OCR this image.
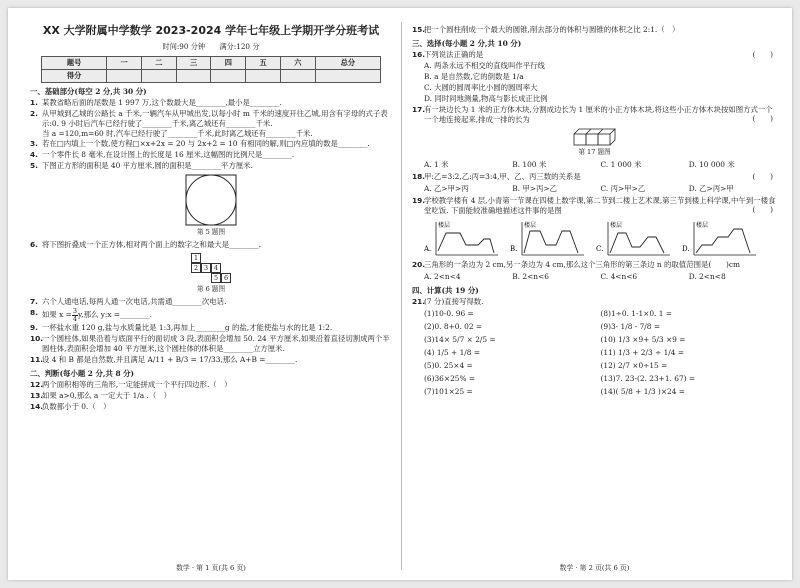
XX 大学附属中学数学 2023-2024 学年七年级上学期开学分班考试
时间:90 分钟　　满分:120 分
题号	一	二	三	四	五	六	总分
得分							
一、基础部分(每空 2 分,共 30 分)
1. 某教省略后面的尾数是 1 997 万,这个数最大是________,最小是________.
2. 从甲城到乙城的公路长 a 千米,一辆汽车从甲城出发,以每小时 m 千米的速度开往乙城,用含有字母的式子表示:0. 9 小时后汽车已经行驶了________千米,离乙城还有________千米.
当 a =120,m=60 时,汽车已经行驶了________千米,此时离乙城还有________千米.
3. 若在□内填上一个数,使方程□×x+2x = 20 与 2x+2 = 10 有相同的解,则□内应填的数是________.
4. 一个零件长 8 毫米,在设计图上的长度是 16 厘米,这幅图的比例尺是________.
5. 下图正方形的面积是 40 平方厘米,圆的面积是________平方厘米.
第 5 题图
6. 将下图折叠成一个正方体,相对两个面上的数字之和最大是________.
1
2 3 4
5 6
第 6 题图
7. 六个人通电话,每两人通一次电话,共需通________次电话.
8. 如果 $x = \frac{3}{4} y$,那么 y:x =________.
9. 一杯盐水重 120 g,盐与水质量比是 1:3,再加上________g 的盐,才能使盐与水的比是 1:2.
10.
一个圆柱体,如果沿着与底面平行的面切成 3 段,表面积会增加 50. 24 平方厘米,如果沿着直径切割成两个半圆柱体,表面积会增加 40 平方厘米,这个圆柱体的体积是________立方厘米.
11.
设 4 和 B 都是自然数,并且满足 A/11 + B/3 = 17/33,那么 A+B =________.
二、判断(每小题 2 分,共 8 分)
12.
两个面积相等的三角形,一定能拼成一个平行四边形.（　）
13.
如果 a>0,那么 a 一定大于 1/a .（　）
14.
负数都小于 0.（　）
数学 · 第 1 页(共 6 页)
15.
把一个圆柱削成一个最大的圆锥,削去部分的体积与圆锥的体积之比 2:1.（　）
三、选择(每小题 2 分,共 10 分)
16.
下列说法正确的是	(　　)
A. 两条永远不相交的直线叫作平行线
B. a 是自然数,它的倒数是 1/a
C. 大圆的圆周率比小圆的圆周率大
D. 同时同地测量,物高与影长成正比例
17.
有一块边长为 1 米的正方体木块,分割成边长为 1 厘米的小正方体木块,将这些小正方体木块按如图方式一个一个地连接起来,排成一排的长为	(　　)
第 17 题图
A. 1 米	B. 100 米	C. 1 000 米	D. 10 000 米
18.
甲:乙=3:2,乙:丙=3:4,甲、乙、丙三数的关系是	(　　)
A. 乙>甲>丙	B. 甲>丙>乙	C. 丙>甲>乙	D. 乙>丙>甲
19.
学校教学楼有 4 层,小青第一节课在四楼上数学课,第二节到二楼上艺术课,第三节到楼上科学课,中午到一楼食堂吃饭. 下面能较准确地描述这件事的是图	(　　)
A.
楼层
B.
楼层
C.
楼层
D.
楼层
20.
三角形的一条边为 2 cm,另一条边为 4 cm,那么这个三角形的第三条边 n 的取值范围是(　　)cm
A. 2<n<4	B. 2<n<6	C. 4<n<6	D. 2<n<8
四、计算(共 19 分)
21.
(7 分)直接写得数.
(1)10-0. 96 =	(8)1÷0. 1-1×0. 1 =
(2)0. 8+0. 02 =	(9)3- 1/8 - 7/8 =
(3)14× 5/7 × 2/5 =	(10) 1/3 ×9+ 5/3 ×9 =
(4) 1/5 + 1/8 =	(11) 1/3 + 2/3 ÷ 1/4 =
(5)0. 25×4 =	(12) 2/7 ×0÷15 =
(6)36×25% =	(13)7. 23-(2. 23+1. 67) =
(7)101×25 =	(14)( 5/8 + 1/3 )×24 =
数学 · 第 2 页(共 6 页)
